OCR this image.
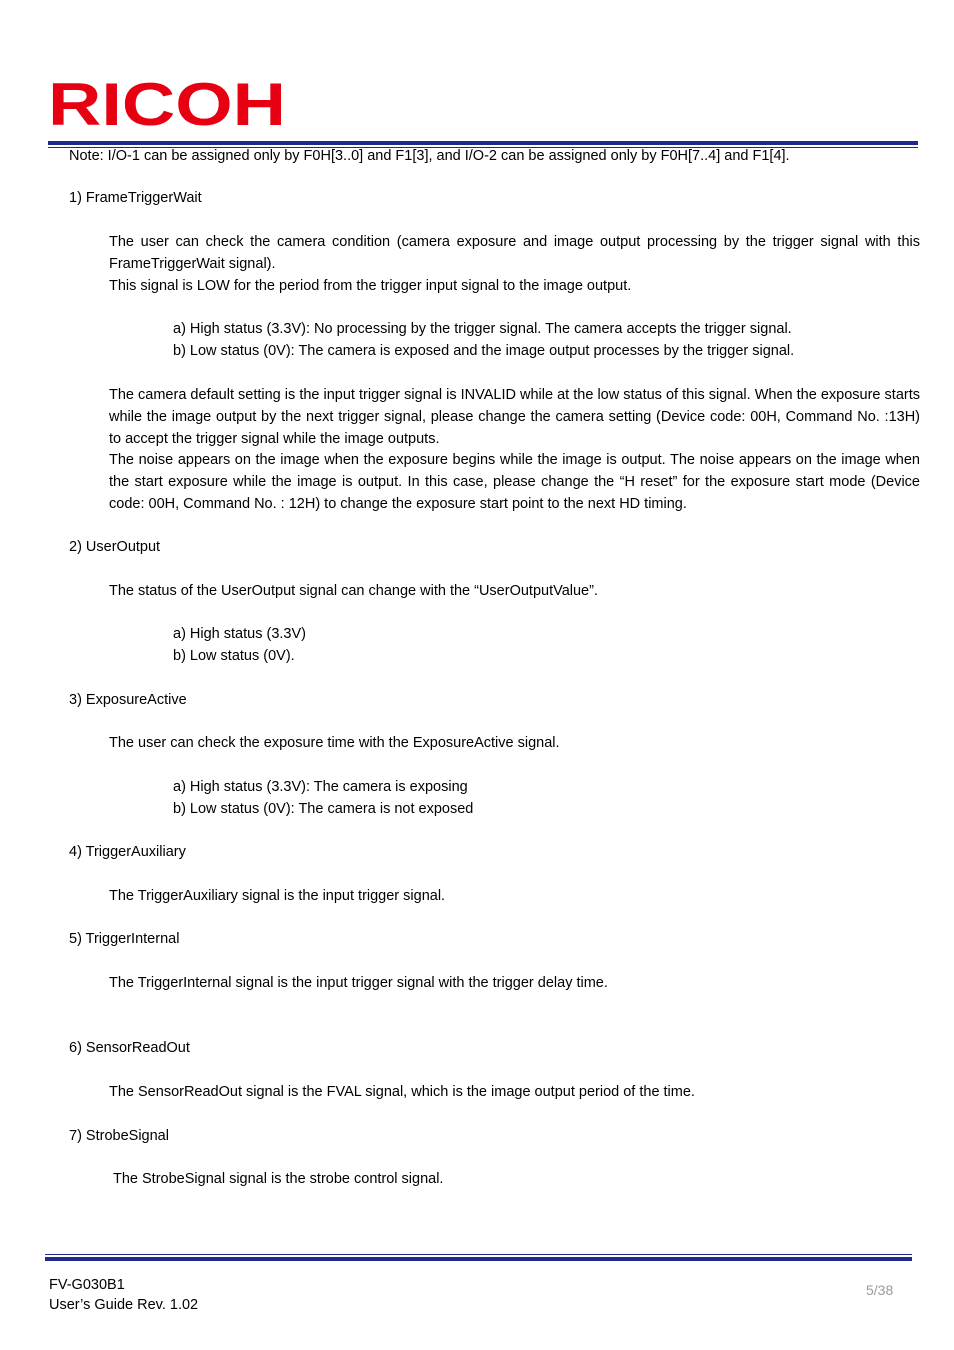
RICOH
Note: I/O-1 can be assigned only by F0H[3..0] and F1[3], and I/O-2 can be assigned only by F0H[7..4] and F1[4].
1) FrameTriggerWait
The user can check the camera condition (camera exposure and image output processing by the trigger signal with this FrameTriggerWait signal).
This signal is LOW for the period from the trigger input signal to the image output.
a) High status (3.3V): No processing by the trigger signal. The camera accepts the trigger signal.
b) Low status (0V): The camera is exposed and the image output processes by the trigger signal.
The camera default setting is the input trigger signal is INVALID while at the low status of this signal. When the exposure starts while the image output by the next trigger signal, please change the camera setting (Device code: 00H, Command No. :13H) to accept the trigger signal while the image outputs.
The noise appears on the image when the exposure begins while the image is output. The noise appears on the image when the start exposure while the image is output. In this case, please change the “H reset” for the exposure start mode (Device code: 00H, Command No. : 12H) to change the exposure start point to the next HD timing.
2) UserOutput
The status of the UserOutput signal can change with the “UserOutputValue”.
a) High status (3.3V)
b) Low status (0V).
3) ExposureActive
The user can check the exposure time with the ExposureActive signal.
a) High status (3.3V): The camera is exposing
b) Low status (0V): The camera is not exposed
4) TriggerAuxiliary
The TriggerAuxiliary signal is the input trigger signal.
5) TriggerInternal
The TriggerInternal signal is the input trigger signal with the trigger delay time.
6) SensorReadOut
The SensorReadOut signal is the FVAL signal, which is the image output period of the time.
7) StrobeSignal
The StrobeSignal signal is the strobe control signal.
FV-G030B1
User’s Guide Rev. 1.02
5/38
